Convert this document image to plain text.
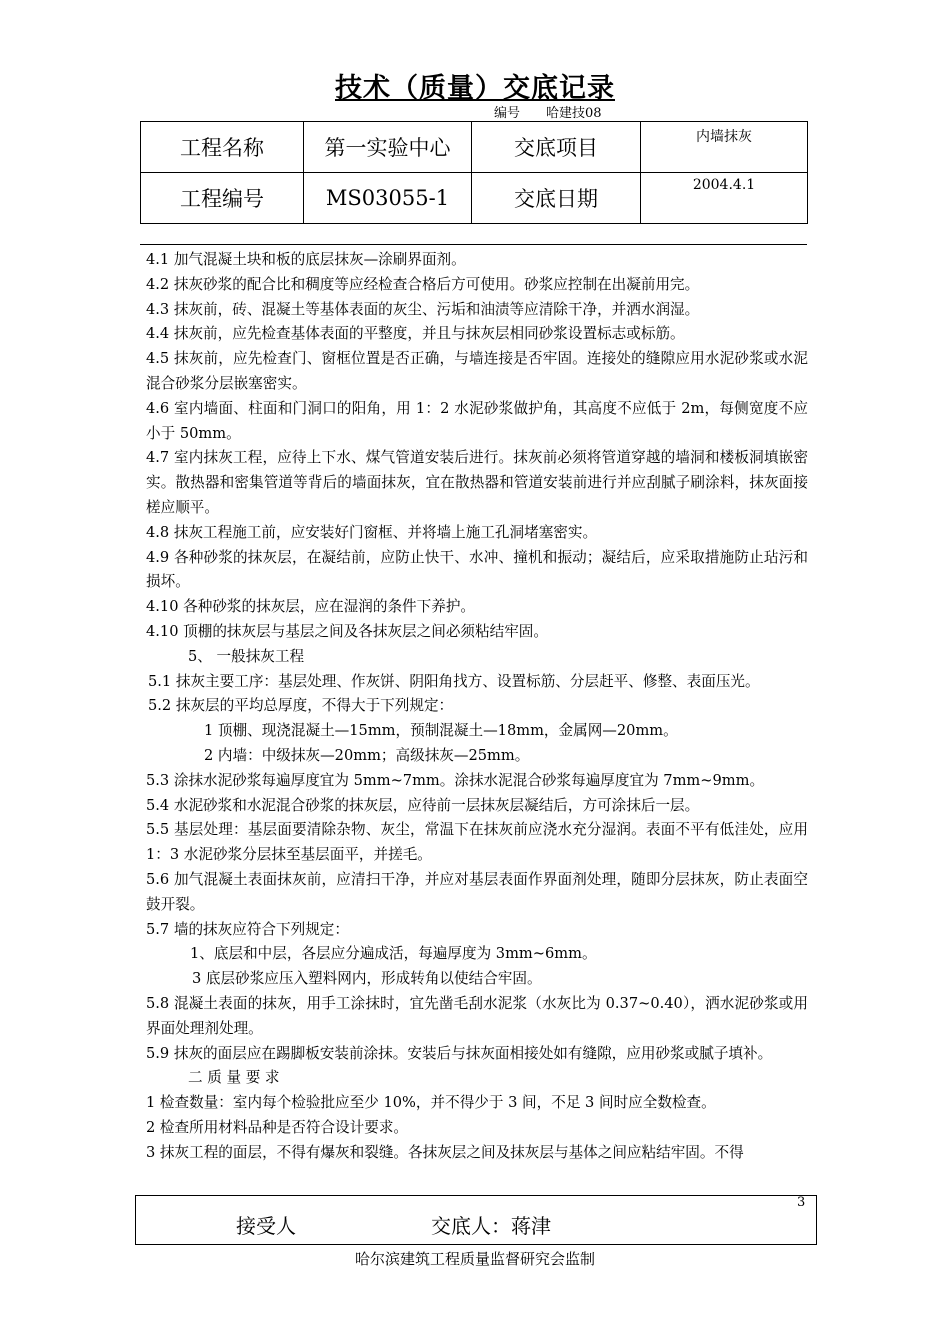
技术（质量）交底记录
编号 哈建技08
工程名称	第一实验中心	交底项目	内墙抹灰
工程编号	MS03055-1	交底日期	2004.4.1

4.1 加气混凝土块和板的底层抹灰—涂刷界面剂。

4.2 抹灰砂浆的配合比和稠度等应经检查合格后方可使用。砂浆应控制在出凝前用完。

4.3 抹灰前，砖、混凝土等基体表面的灰尘、污垢和油渍等应清除干净，并洒水润湿。

4.4 抹灰前，应先检查基体表面的平整度，并且与抹灰层相同砂浆设置标志或标筋。

4.5 抹灰前，应先检查门、窗框位置是否正确，与墙连接是否牢固。连接处的缝隙应用水泥砂浆或水泥混合砂浆分层嵌塞密实。

4.6 室内墙面、柱面和门洞口的阳角，用 1：2 水泥砂浆做护角，其高度不应低于 2m，每侧宽度不应小于 50mm。

4.7 室内抹灰工程，应待上下水、煤气管道安装后进行。抹灰前必须将管道穿越的墙洞和楼板洞填嵌密实。散热器和密集管道等背后的墙面抹灰，宜在散热器和管道安装前进行并应刮腻子刷涂料，抹灰面接槎应顺平。

4.8 抹灰工程施工前，应安装好门窗框、并将墙上施工孔洞堵塞密实。

4.9 各种砂浆的抹灰层，在凝结前，应防止快干、水冲、撞机和振动；凝结后，应采取措施防止玷污和损坏。

4.10 各种砂浆的抹灰层，应在湿润的条件下养护。

4.10 顶棚的抹灰层与基层之间及各抹灰层之间必须粘结牢固。

5、 一般抹灰工程

5.1 抹灰主要工序：基层处理、作灰饼、阴阳角找方、设置标筋、分层赶平、修整、表面压光。

5.2 抹灰层的平均总厚度，不得大于下列规定：

1 顶棚、现浇混凝土—15mm，预制混凝土—18mm，金属网—20mm。

2 内墙：中级抹灰—20mm；高级抹灰—25mm。

5.3 涂抹水泥砂浆每遍厚度宜为 5mm~7mm。涂抹水泥混合砂浆每遍厚度宜为 7mm~9mm。

5.4 水泥砂浆和水泥混合砂浆的抹灰层，应待前一层抹灰层凝结后，方可涂抹后一层。

5.5 基层处理：基层面要清除杂物、灰尘，常温下在抹灰前应浇水充分湿润。表面不平有低洼处，应用 1：3 水泥砂浆分层抹至基层面平，并搓毛。

5.6 加气混凝土表面抹灰前，应清扫干净，并应对基层表面作界面剂处理，随即分层抹灰，防止表面空鼓开裂。

5.7 墙的抹灰应符合下列规定：

1、底层和中层，各层应分遍成活，每遍厚度为 3mm~6mm。

3 底层砂浆应压入塑料网内，形成转角以使结合牢固。

5.8 混凝土表面的抹灰，用手工涂抹时，宜先凿毛刮水泥浆（水灰比为 0.37~0.40），洒水泥砂浆或用界面处理剂处理。

5.9 抹灰的面层应在踢脚板安装前涂抹。安装后与抹灰面相接处如有缝隙，应用砂浆或腻子填补。

二 质 量 要 求

1 检查数量：室内每个检验批应至少 10%，并不得少于 3 间，不足 3 间时应全数检查。

2 检查所用材料品种是否符合设计要求。

3 抹灰工程的面层，不得有爆灰和裂缝。各抹灰层之间及抹灰层与基体之间应粘结牢固。不得

3
接受人	交底人：蒋津
哈尔滨建筑工程质量监督研究会监制
